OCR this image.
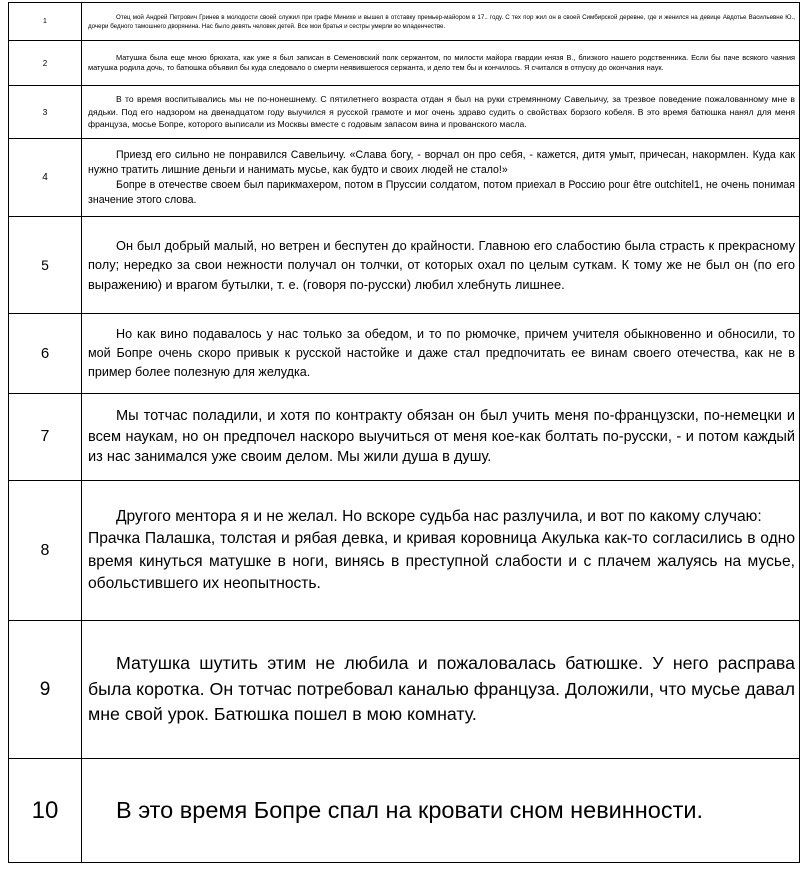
1	Отец мой Андрей Петрович Гринев в молодости своей служил при графе Минихе и вышел в отставку премьер-майором в 17.. году. С тех пор жил он в своей Симбирской деревне, где и женился на девице Авдотье Васильевне Ю., дочери бедного тамошнего дворянина. Нас было девять человек детей. Все мои братья и сестры умерли во младенчестве.

2	Матушка была еще мною брюхата, как уже я был записан в Семеновский полк сержантом, по милости майора гвардии князя В., близкого нашего родственника. Если бы паче всякого чаяния матушка родила дочь, то батюшка объявил бы куда следовало о смерти неявившегося сержанта, и дело тем бы и кончилось. Я считался в отпуску до окончания наук.

3	В то время воспитывались мы не по-нонешнему. С пятилетнего возраста отдан я был на руки стремянному Савельичу, за трезвое поведение пожалованному мне в дядьки. Под его надзором на двенадцатом году выучился я русской грамоте и мог очень здраво судить о свойствах борзого кобеля. В это время батюшка нанял для меня француза, мосье Бопре, которого выписали из Москвы вместе с годовым запасом вина и прованского масла.

4	Приезд его сильно не понравился Савельичу. «Слава богу, - ворчал он про себя, - кажется, дитя умыт, причесан, накормлен. Куда как нужно тратить лишние деньги и нанимать мусье, как будто и своих людей не стало!»

Бопре в отечестве своем был парикмахером, потом в Пруссии солдатом, потом приехал в Россию pour être outchitel1, не очень понимая значение этого слова.

5	Он был добрый малый, но ветрен и беспутен до крайности. Главною его слабостию была страсть к прекрасному полу; нередко за свои нежности получал он толчки, от которых охал по целым суткам. К тому же не был он (по его выражению) и врагом бутылки, т. е. (говоря по-русски) любил хлебнуть лишнее.

6	Но как вино подавалось у нас только за обедом, и то по рюмочке, причем учителя обыкновенно и обносили, то мой Бопре очень скоро привык к русской настойке и даже стал предпочитать ее винам своего отечества, как не в пример более полезную для желудка.

7	Мы тотчас поладили, и хотя по контракту обязан он был учить меня по-французски, по-немецки и всем наукам, но он предпочел наскоро выучиться от меня кое-как болтать по-русски, - и потом каждый из нас занимался уже своим делом. Мы жили душа в душу.

8	Другого ментора я и не желал. Но вскоре судьба нас разлучила, и вот по какому случаю:

Прачка Палашка, толстая и рябая девка, и кривая коровница Акулька как-то согласились в одно время кинуться матушке в ноги, винясь в преступной слабости и с плачем жалуясь на мусье, обольстившего их неопытность.

9	Матушка шутить этим не любила и пожаловалась батюшке. У него расправа была коротка. Он тотчас потребовал каналью француза. Доложили, что мусье давал мне свой урок. Батюшка пошел в мою комнату.

10	В это время Бопре спал на кровати сном невинности.
